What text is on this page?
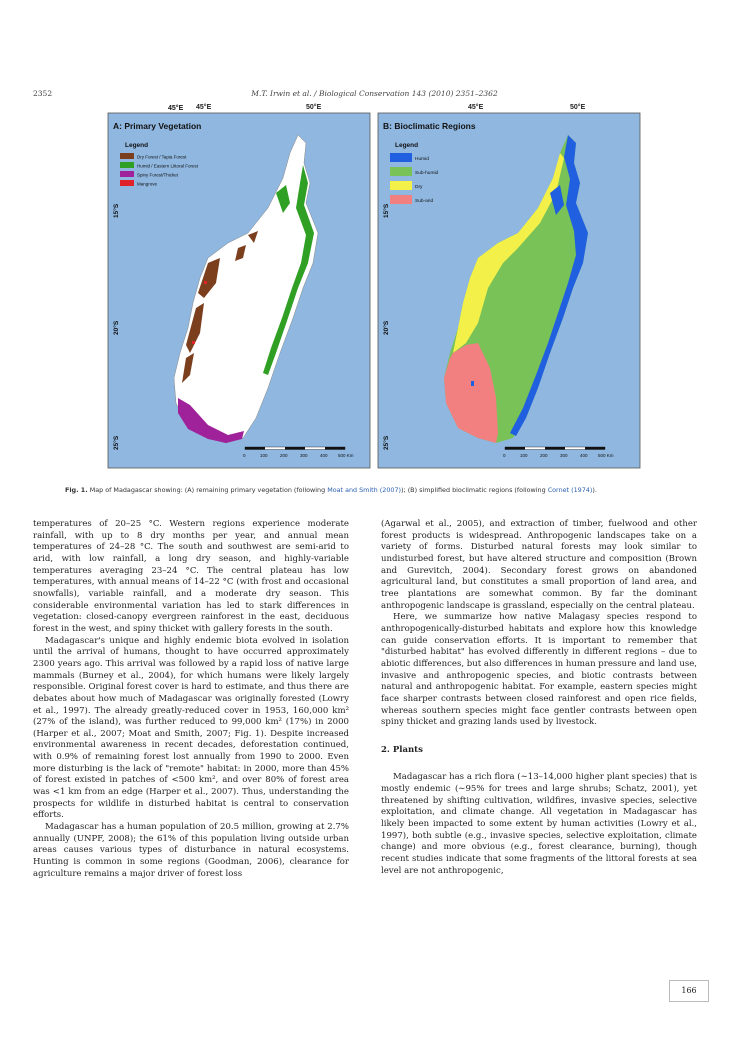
2352	M.T. Irwin et al. / Biological Conservation 143 (2010) 2351–2362
A: Primary Vegetation
45°E
Legend
Dry Forest / Tapia Forest
Humid / Eastern Littoral Forest
Spiny Forest/Thicket
Mangrove
15°S
20°S
25°S
0	100	200	300	400 500 Km
B: Bioclimatic Regions
Legend
Humid
Sub-humid
Dry
Sub-arid
15°S
20°S
25°S
0	100	200	300	400 500 Km
45°E	50°E	45°E	50°E
Fig. 1. Map of Madagascar showing: (A) remaining primary vegetation (following Moat and Smith (2007)); (B) simplified bioclimatic regions (following Cornet (1974)).

temperatures of 20–25 °C. Western regions experience moderate rainfall, with up to 8 dry months per year, and annual mean temperatures of 24–28 °C. The south and southwest are semi-arid to arid, with low rainfall, a long dry season, and highly-variable temperatures averaging 23–24 °C. The central plateau has low temperatures, with annual means of 14–22 °C (with frost and occasional snowfalls), variable rainfall, and a moderate dry season. This considerable environmental variation has led to stark differences in vegetation: closed-canopy evergreen rainforest in the east, deciduous forest in the west, and spiny thicket with gallery forests in the south.

Madagascar's unique and highly endemic biota evolved in isolation until the arrival of humans, thought to have occurred approximately 2300 years ago. This arrival was followed by a rapid loss of native large mammals (Burney et al., 2004), for which humans were likely largely responsible. Original forest cover is hard to estimate, and thus there are debates about how much of Madagascar was originally forested (Lowry et al., 1997). The already greatly-reduced cover in 1953, 160,000 km² (27% of the island), was further reduced to 99,000 km² (17%) in 2000 (Harper et al., 2007; Moat and Smith, 2007; Fig. 1). Despite increased environmental awareness in recent decades, deforestation continued, with 0.9% of remaining forest lost annually from 1990 to 2000. Even more disturbing is the lack of "remote" habitat: in 2000, more than 45% of forest existed in patches of <500 km², and over 80% of forest area was <1 km from an edge (Harper et al., 2007). Thus, understanding the prospects for wildlife in disturbed habitat is central to conservation efforts.

Madagascar has a human population of 20.5 million, growing at 2.7% annually (UNPF, 2008); the 61% of this population living outside urban areas causes various types of disturbance in natural ecosystems. Hunting is common in some regions (Goodman, 2006), clearance for agriculture remains a major driver of forest loss

(Agarwal et al., 2005), and extraction of timber, fuelwood and other forest products is widespread. Anthropogenic landscapes take on a variety of forms. Disturbed natural forests may look similar to undisturbed forest, but have altered structure and composition (Brown and Gurevitch, 2004). Secondary forest grows on abandoned agricultural land, but constitutes a small proportion of land area, and tree plantations are somewhat common. By far the dominant anthropogenic landscape is grassland, especially on the central plateau.

Here, we summarize how native Malagasy species respond to anthropogenically-disturbed habitats and explore how this knowledge can guide conservation efforts. It is important to remember that "disturbed habitat" has evolved differently in different regions – due to abiotic differences, but also differences in human pressure and land use, invasive and anthropogenic species, and biotic contrasts between natural and anthropogenic habitat. For example, eastern species might face sharper contrasts between closed rainforest and open rice fields, whereas southern species might face gentler contrasts between open spiny thicket and grazing lands used by livestock.

2. Plants

Madagascar has a rich flora (∼13–14,000 higher plant species) that is mostly endemic (∼95% for trees and large shrubs; Schatz, 2001), yet threatened by shifting cultivation, wildfires, invasive species, selective exploitation, and climate change. All vegetation in Madagascar has likely been impacted to some extent by human activities (Lowry et al., 1997), both subtle (e.g., invasive species, selective exploitation, climate change) and more obvious (e.g., forest clearance, burning), though recent studies indicate that some fragments of the littoral forests at sea level are not anthropogenic,

166
